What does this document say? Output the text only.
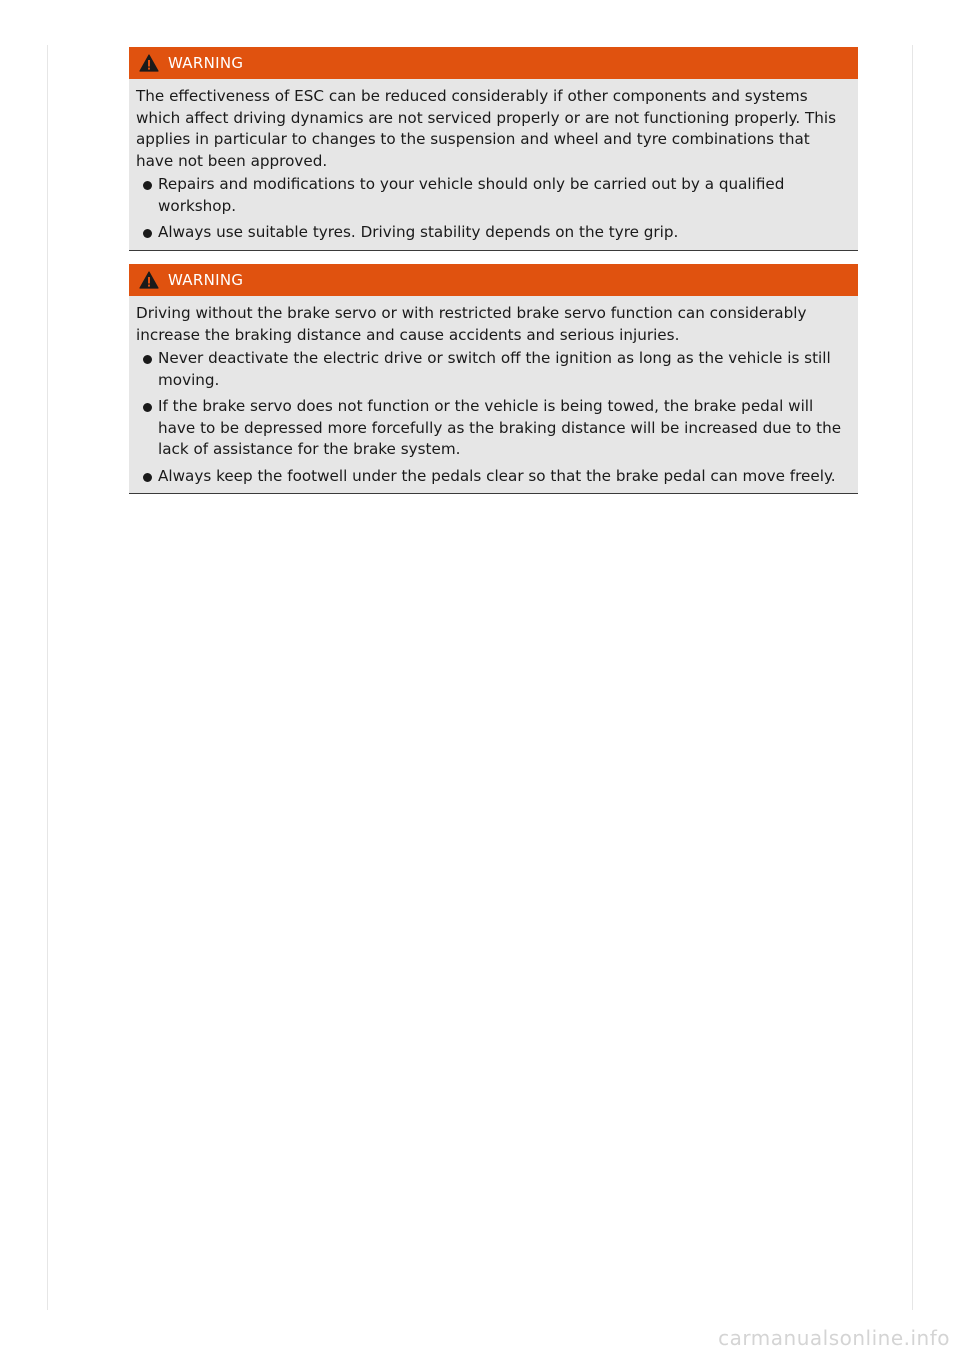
WARNING

The effectiveness of ESC can be reduced considerably if other components and systems which affect driving dynamics are not serviced properly or are not functioning properly. This applies in particular to changes to the suspension and wheel and tyre combinations that have not been approved.

Repairs and modifications to your vehicle should only be carried out by a qualified workshop.
Always use suitable tyres. Driving stability depends on the tyre grip.
WARNING

Driving without the brake servo or with restricted brake servo function can considerably increase the braking distance and cause accidents and serious injuries.

Never deactivate the electric drive or switch off the ignition as long as the vehicle is still moving.
If the brake servo does not function or the vehicle is being towed, the brake pedal will have to be depressed more forcefully as the braking distance will be increased due to the lack of assistance for the brake system.
Always keep the footwell under the pedals clear so that the brake pedal can move freely.
carmanualsonline.info
